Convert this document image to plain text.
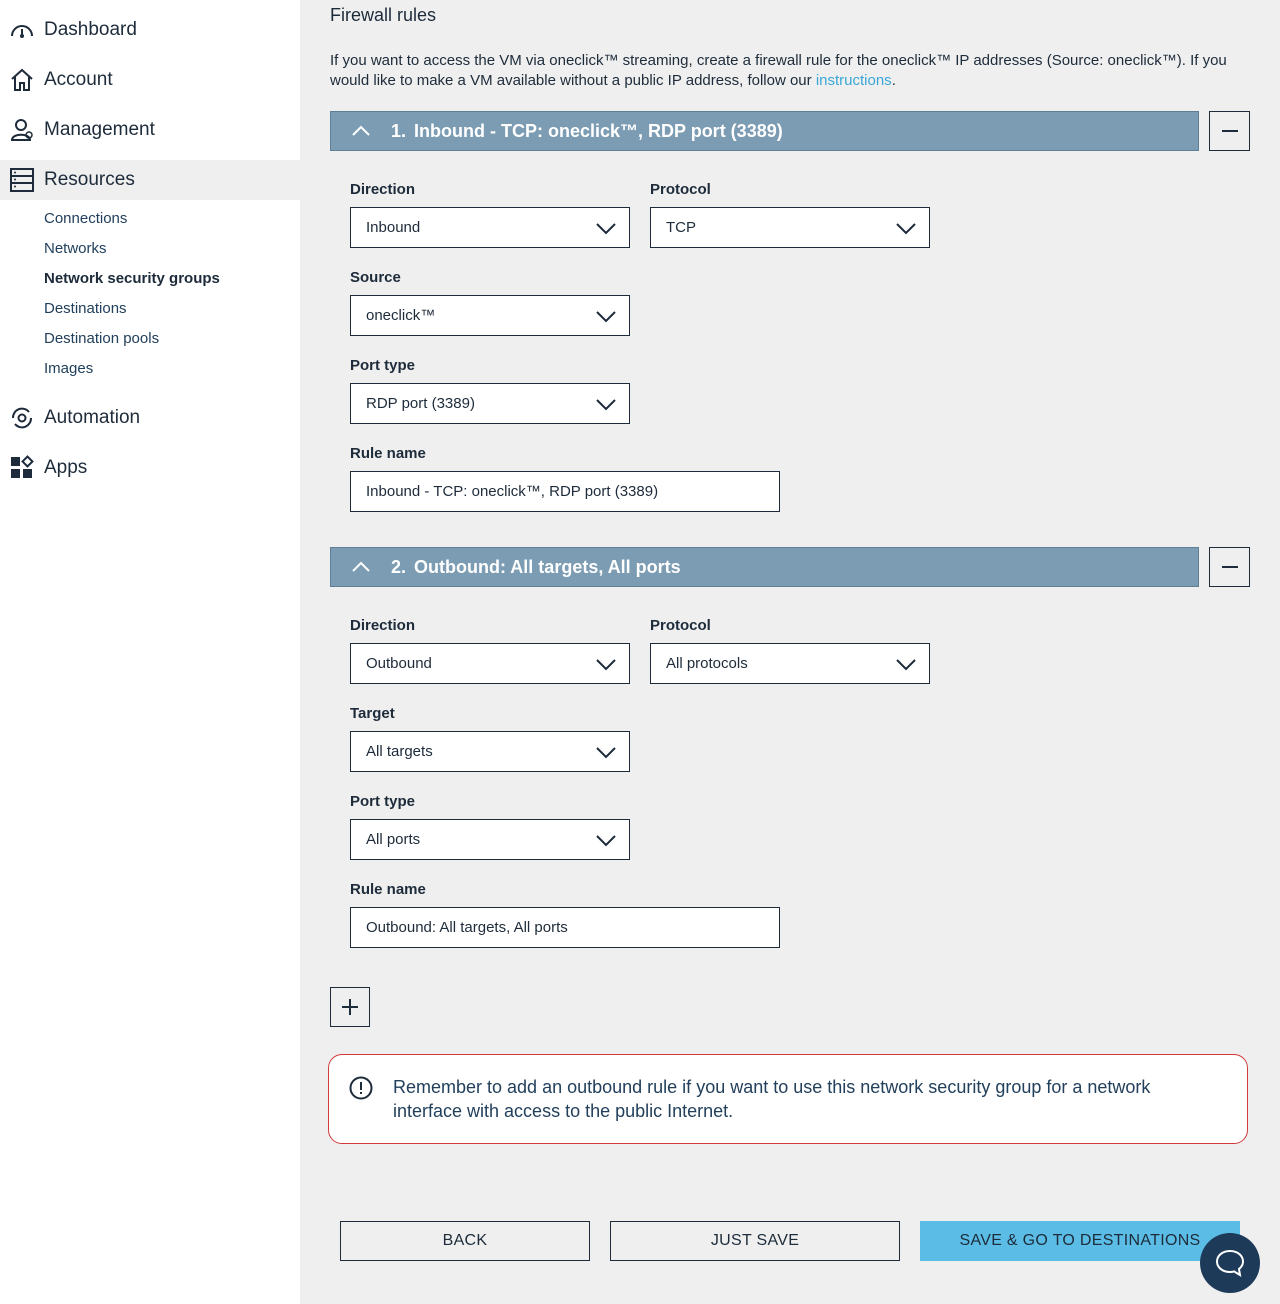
Dashboard
Account
Management
Resources
Connections
Networks
Network security groups
Destinations
Destination pools
Images
Automation
Apps
Firewall rules
If you want to access the VM via oneclick™ streaming, create a firewall rule for the oneclick™ IP addresses (Source: oneclick™). If you would like to make a VM available without a public IP address, follow our instructions.
1. Inbound - TCP: oneclick™, RDP port (3389)
Direction
Inbound
Protocol
TCP
Source
oneclick™
Port type
RDP port (3389)
Rule name
Inbound - TCP: oneclick™, RDP port (3389)
2. Outbound: All targets, All ports
Direction
Outbound
Protocol
All protocols
Target
All targets
Port type
All ports
Rule name
Outbound: All targets, All ports
Remember to add an outbound rule if you want to use this network security group for a network interface with access to the public Internet.
BACK	JUST SAVE	SAVE & GO TO DESTINATIONS
